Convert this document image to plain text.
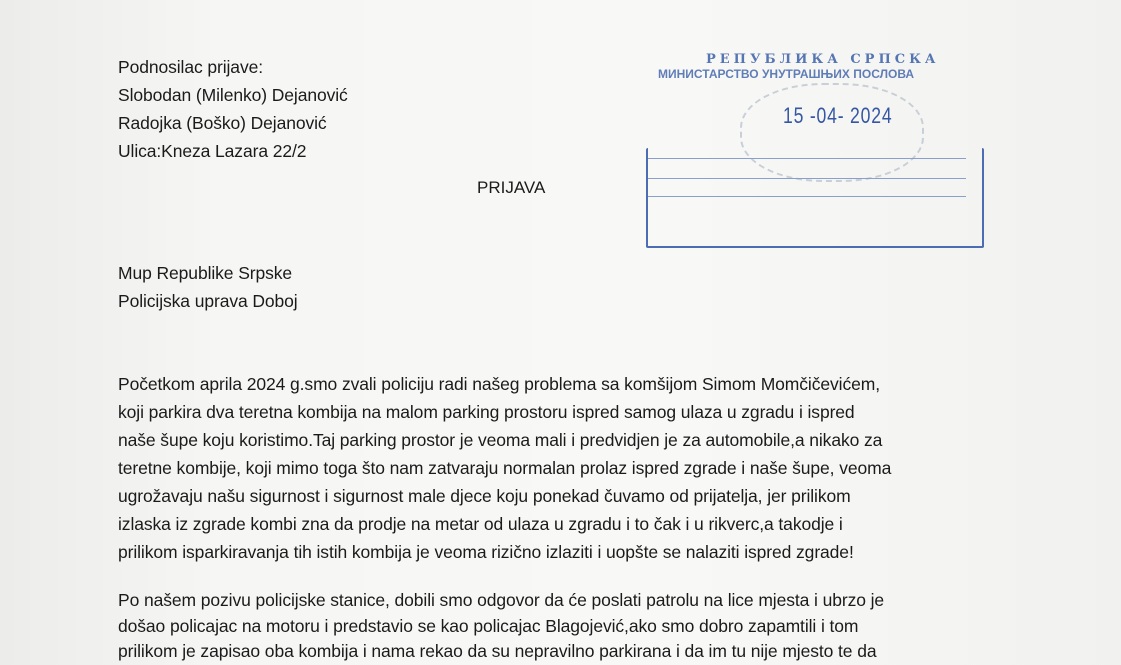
Podnosilac prijave:
Slobodan (Milenko) Dejanović
Radojka (Boško) Dejanović
Ulica:Kneza Lazara 22/2
PRIJAVA
РЕПУБЛИКА СРПСКА
МИНИСТАРСТВО УНУТРАШЊИХ ПОСЛОВА
15 -04- 2024
Mup Republike Srpske
Policijska uprava Doboj
Početkom aprila 2024 g.smo zvali policiju radi našeg problema sa komšijom Simom Momčičevićem,
koji parkira dva teretna kombija na malom parking prostoru ispred samog ulaza u zgradu i ispred
naše šupe koju koristimo.Taj parking prostor je veoma mali i predvidjen je za automobile,a nikako za
teretne kombije, koji mimo toga što nam zatvaraju normalan prolaz ispred zgrade i naše šupe, veoma
ugrožavaju našu sigurnost i sigurnost male djece koju ponekad čuvamo od prijatelja, jer prilikom
izlaska iz zgrade kombi zna da prodje na metar od ulaza u zgradu i to čak i u rikverc,a takodje i
prilikom isparkiravanja tih istih kombija je veoma rizično izlaziti i uopšte se nalaziti ispred zgrade!
Po našem pozivu policijske stanice, dobili smo odgovor da će poslati patrolu na lice mjesta i ubrzo je
došao policajac na motoru i predstavio se kao policajac Blagojević,ako smo dobro zapamtili i tom
prilikom je zapisao oba kombija i nama rekao da su nepravilno parkirana i da im tu nije mjesto te da
